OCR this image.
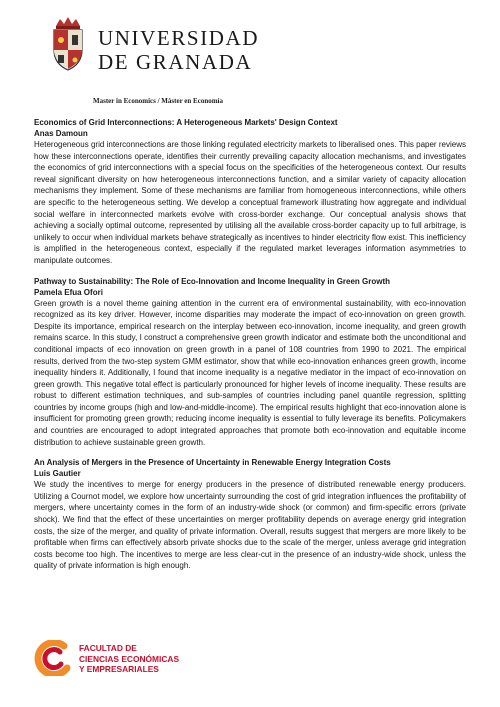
UNIVERSIDAD
DE GRANADA
Master in Economics / Máster en Economía

Economics of Grid Interconnections: A Heterogeneous Markets' Design Context

Anas Damoun

Heterogeneous grid interconnections are those linking regulated electricity markets to liberalised ones. This paper reviews how these interconnections operate, identifies their currently prevailing capacity allocation mechanisms, and investigates the economics of grid interconnections with a special focus on the specificities of the heterogeneous context. Our results reveal significant diversity on how heterogeneous interconnections function, and a similar variety of capacity allocation mechanisms they implement. Some of these mechanisms are familiar from homogeneous interconnections, while others are specific to the heterogeneous setting. We develop a conceptual framework illustrating how aggregate and individual social welfare in interconnected markets evolve with cross-border exchange. Our conceptual analysis shows that achieving a socially optimal outcome, represented by utilising all the available cross-border capacity up to full arbitrage, is unlikely to occur when individual markets behave strategically as incentives to hinder electricity flow exist. This inefficiency is amplified in the heterogeneous context, especially if the regulated market leverages information asymmetries to manipulate outcomes.

Pathway to Sustainability: The Role of Eco-Innovation and Income Inequality in Green Growth

Pamela Efua Ofori

Green growth is a novel theme gaining attention in the current era of environmental sustainability, with eco-innovation recognized as its key driver. However, income disparities may moderate the impact of eco-innovation on green growth. Despite its importance, empirical research on the interplay between eco-innovation, income inequality, and green growth remains scarce. In this study, I construct a comprehensive green growth indicator and estimate both the unconditional and conditional impacts of eco innovation on green growth in a panel of 108 countries from 1990 to 2021. The empirical results, derived from the two-step system GMM estimator, show that while eco-innovation enhances green growth, income inequality hinders it. Additionally, I found that income inequality is a negative mediator in the impact of eco-innovation on green growth. This negative total effect is particularly pronounced for higher levels of income inequality. These results are robust to different estimation techniques, and sub-samples of countries including panel quantile regression, splitting countries by income groups (high and low-and-middle-income). The empirical results highlight that eco-innovation alone is insufficient for promoting green growth; reducing income inequality is essential to fully leverage its benefits. Policymakers and countries are encouraged to adopt integrated approaches that promote both eco-innovation and equitable income distribution to achieve sustainable green growth.

An Analysis of Mergers in the Presence of Uncertainty in Renewable Energy Integration Costs

Luis Gautier

We study the incentives to merge for energy producers in the presence of distributed renewable energy producers. Utilizing a Cournot model, we explore how uncertainty surrounding the cost of grid integration influences the profitability of mergers, where uncertainty comes in the form of an industry-wide shock (or common) and firm-specific errors (private shock). We find that the effect of these uncertainties on merger profitability depends on average energy grid integration costs, the size of the merger, and quality of private information. Overall, results suggest that mergers are more likely to be profitable when firms can effectively absorb private shocks due to the scale of the merger, unless average grid integration costs become too high. The incentives to merge are less clear-cut in the presence of an industry-wide shock, unless the quality of private information is high enough.

FACULTAD DE
CIENCIAS ECONÓMICAS
Y EMPRESARIALES
